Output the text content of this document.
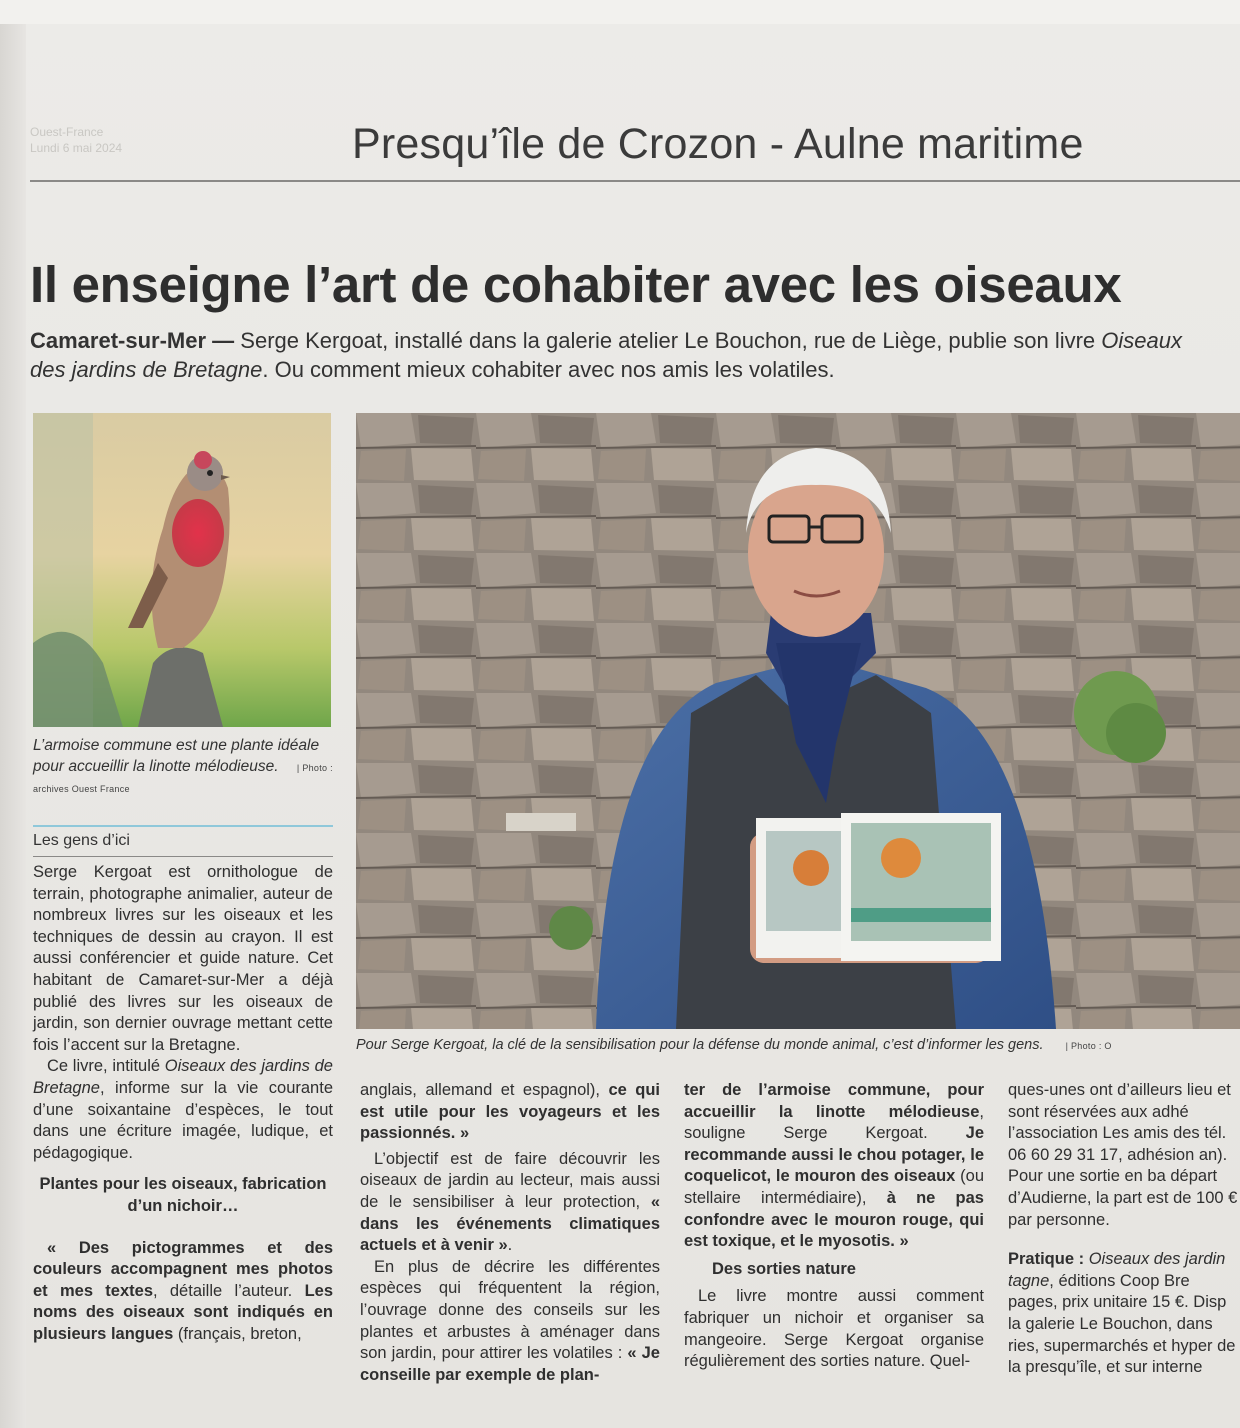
Ouest-France
Lundi 6 mai 2024	Presqu’île de Crozon - Aulne maritime
Il enseigne l’art de cohabiter avec les oiseaux
Camaret-sur-Mer — Serge Kergoat, installé dans la galerie atelier Le Bouchon, rue de Liège, publie son livre Oiseaux des jardins de Bretagne. Ou comment mieux cohabiter avec nos amis les volatiles.
L’armoise commune est une plante idéale pour accueillir la linotte mélodieuse. | Photo : archives Ouest France
Pour Serge Kergoat, la clé de la sensibilisation pour la défense du monde animal, c’est d’informer les gens. | Photo : O
Les gens d’ici

Serge Kergoat est ornithologue de terrain, photographe animalier, auteur de nombreux livres sur les oiseaux et les techniques de dessin au crayon. Il est aussi conférencier et guide nature. Cet habitant de Camaret-sur-Mer a déjà publié des livres sur les oiseaux de jardin, son dernier ouvrage mettant cette fois l’accent sur la Bretagne.

Ce livre, intitulé Oiseaux des jardins de Bretagne, informe sur la vie courante d’une soixantaine d’espèces, le tout dans une écriture imagée, ludique, et pédagogique.

Plantes pour les oiseaux, fabrication d’un nichoir…

« Des pictogrammes et des couleurs accompagnent mes photos et mes textes, détaille l’auteur. Les noms des oiseaux sont indiqués en plusieurs langues (français, breton,

anglais, allemand et espagnol), ce qui est utile pour les voyageurs et les passionnés. »

L’objectif est de faire découvrir les oiseaux de jardin au lecteur, mais aussi de le sensibiliser à leur protection, « dans les événements climatiques actuels et à venir ».

En plus de décrire les différentes espèces qui fréquentent la région, l’ouvrage donne des conseils sur les plantes et arbustes à aménager dans son jardin, pour attirer les volatiles : « Je conseille par exemple de plan-

ter de l’armoise commune, pour accueillir la linotte mélodieuse, souligne Serge Kergoat. Je recommande aussi le chou potager, le coquelicot, le mouron des oiseaux (ou stellaire intermédiaire), à ne pas confondre avec le mouron rouge, qui est toxique, et le myosotis. »

Des sorties nature

Le livre montre aussi comment fabriquer un nichoir et organiser sa mangeoire. Serge Kergoat organise régulièrement des sorties nature. Quel-

ques-unes ont d’ailleurs lieu et sont réservées aux adhé l’association Les amis des tél. 06 60 29 31 17, adhésion an). Pour une sortie en ba départ d’Audierne, la part est de 100 € par personne.

Pratique : Oiseaux des jardin tagne, éditions Coop Bre pages, prix unitaire 15 €. Disp la galerie Le Bouchon, dans ries, supermarchés et hyper de la presqu’île, et sur interne
